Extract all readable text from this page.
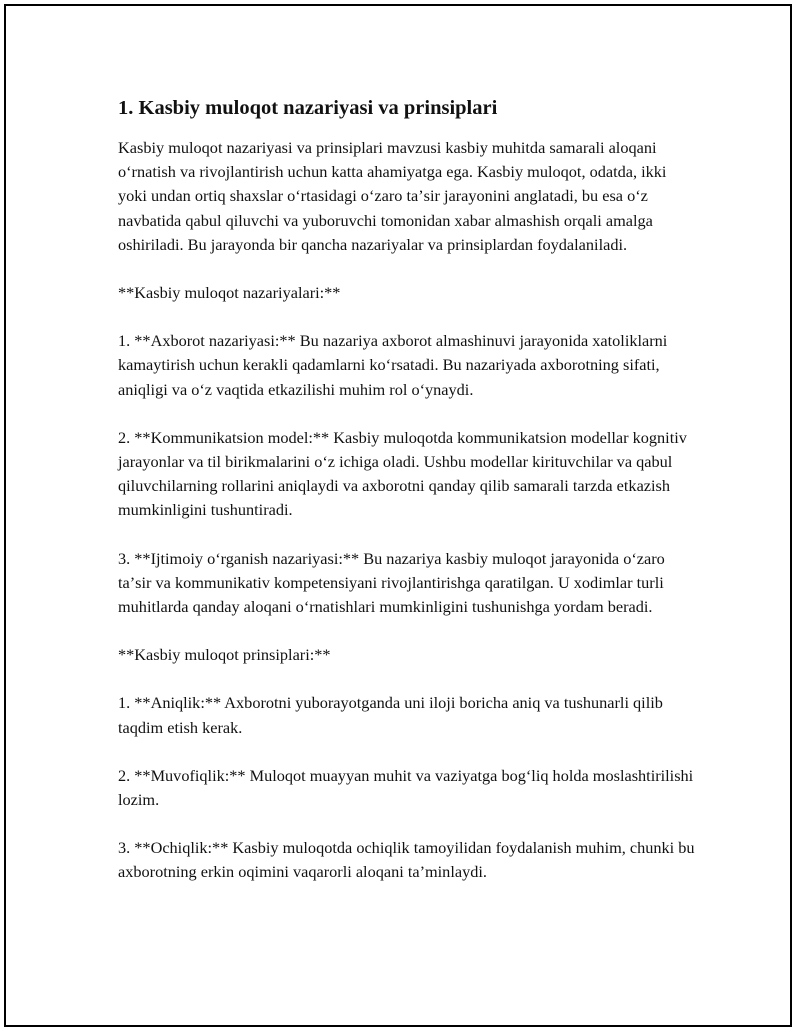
1. Kasbiy muloqot nazariyasi va prinsiplari

Kasbiy muloqot nazariyasi va prinsiplari mavzusi kasbiy muhitda samarali aloqani oʻrnatish va rivojlantirish uchun katta ahamiyatga ega. Kasbiy muloqot, odatda, ikki yoki undan ortiq shaxslar oʻrtasidagi oʻzaro taʼsir jarayonini anglatadi, bu esa oʻz navbatida qabul qiluvchi va yuboruvchi tomonidan xabar almashish orqali amalga oshiriladi. Bu jarayonda bir qancha nazariyalar va prinsiplardan foydalaniladi.

**Kasbiy muloqot nazariyalari:**

1. **Axborot nazariyasi:** Bu nazariya axborot almashinuvi jarayonida xatoliklarni kamaytirish uchun kerakli qadamlarni koʻrsatadi. Bu nazariyada axborotning sifati, aniqligi va oʻz vaqtida etkazilishi muhim rol oʻynaydi.

2. **Kommunikatsion model:** Kasbiy muloqotda kommunikatsion modellar kognitiv jarayonlar va til birikmalarini oʻz ichiga oladi. Ushbu modellar kirituvchilar va qabul qiluvchilarning rollarini aniqlaydi va axborotni qanday qilib samarali tarzda etkazish mumkinligini tushuntiradi.

3. **Ijtimoiy oʻrganish nazariyasi:** Bu nazariya kasbiy muloqot jarayonida oʻzaro taʼsir va kommunikativ kompetensiyani rivojlantirishga qaratilgan. U xodimlar turli muhitlarda qanday aloqani oʻrnatishlari mumkinligini tushunishga yordam beradi.

**Kasbiy muloqot prinsiplari:**

1. **Aniqlik:** Axborotni yuborayotganda uni iloji boricha aniq va tushunarli qilib taqdim etish kerak.

2. **Muvofiqlik:** Muloqot muayyan muhit va vaziyatga bogʻliq holda moslashtirilishi lozim.

3. **Ochiqlik:** Kasbiy muloqotda ochiqlik tamoyilidan foydalanish muhim, chunki bu axborotning erkin oqimini vaqarorli aloqani taʼminlaydi.
